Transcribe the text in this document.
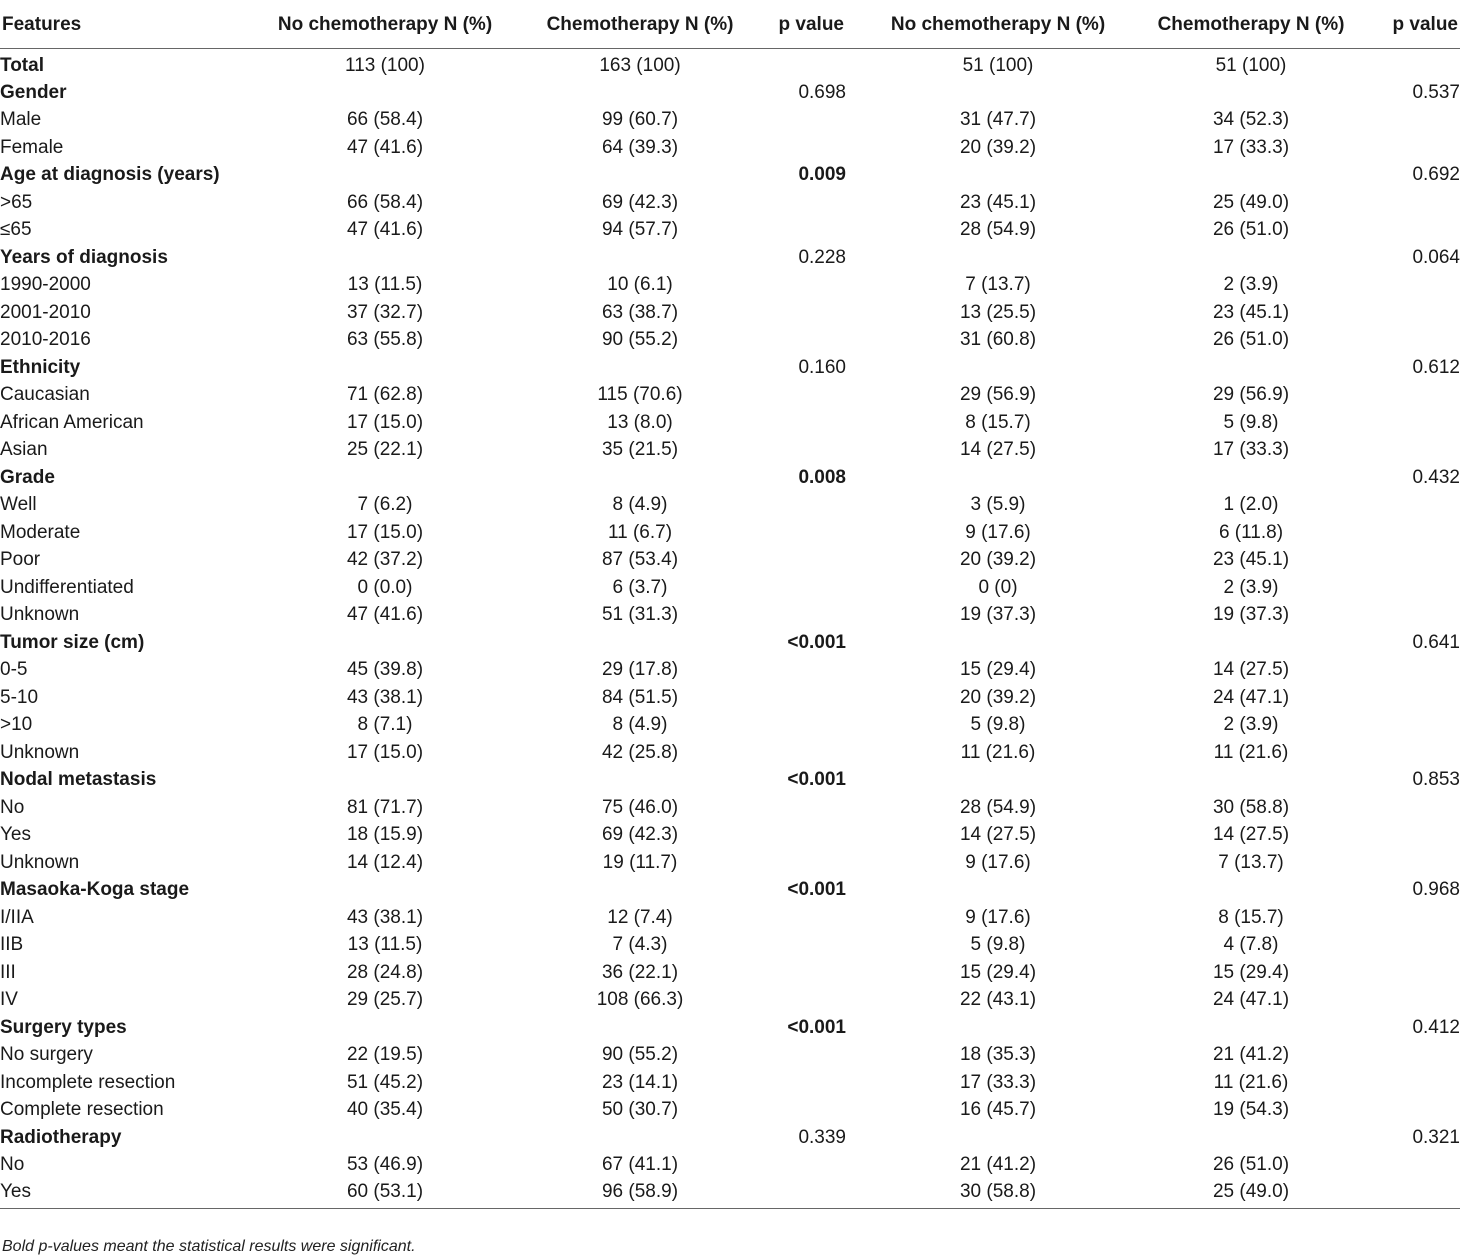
Features	No chemotherapy N (%)	Chemotherapy N (%)	p value	No chemotherapy N (%)	Chemotherapy N (%)	p value
Total	113 (100)	163 (100)		51 (100)	51 (100)	
Gender			0.698			0.537
Male	66 (58.4)	99 (60.7)		31 (47.7)	34 (52.3)	
Female	47 (41.6)	64 (39.3)		20 (39.2)	17 (33.3)	
Age at diagnosis (years)			0.009			0.692
>65	66 (58.4)	69 (42.3)		23 (45.1)	25 (49.0)	
≤65	47 (41.6)	94 (57.7)		28 (54.9)	26 (51.0)	
Years of diagnosis			0.228			0.064
1990-2000	13 (11.5)	10 (6.1)		7 (13.7)	2 (3.9)	
2001-2010	37 (32.7)	63 (38.7)		13 (25.5)	23 (45.1)	
2010-2016	63 (55.8)	90 (55.2)		31 (60.8)	26 (51.0)	
Ethnicity			0.160			0.612
Caucasian	71 (62.8)	115 (70.6)		29 (56.9)	29 (56.9)	
African American	17 (15.0)	13 (8.0)		8 (15.7)	5 (9.8)	
Asian	25 (22.1)	35 (21.5)		14 (27.5)	17 (33.3)	
Grade			0.008			0.432
Well	7 (6.2)	8 (4.9)		3 (5.9)	1 (2.0)	
Moderate	17 (15.0)	11 (6.7)		9 (17.6)	6 (11.8)	
Poor	42 (37.2)	87 (53.4)		20 (39.2)	23 (45.1)	
Undifferentiated	0 (0.0)	6 (3.7)		0 (0)	2 (3.9)	
Unknown	47 (41.6)	51 (31.3)		19 (37.3)	19 (37.3)	
Tumor size (cm)			<0.001			0.641
0-5	45 (39.8)	29 (17.8)		15 (29.4)	14 (27.5)	
5-10	43 (38.1)	84 (51.5)		20 (39.2)	24 (47.1)	
>10	8 (7.1)	8 (4.9)		5 (9.8)	2 (3.9)	
Unknown	17 (15.0)	42 (25.8)		11 (21.6)	11 (21.6)	
Nodal metastasis			<0.001			0.853
No	81 (71.7)	75 (46.0)		28 (54.9)	30 (58.8)	
Yes	18 (15.9)	69 (42.3)		14 (27.5)	14 (27.5)	
Unknown	14 (12.4)	19 (11.7)		9 (17.6)	7 (13.7)	
Masaoka-Koga stage			<0.001			0.968
I/IIA	43 (38.1)	12 (7.4)		9 (17.6)	8 (15.7)	
IIB	13 (11.5)	7 (4.3)		5 (9.8)	4 (7.8)	
III	28 (24.8)	36 (22.1)		15 (29.4)	15 (29.4)	
IV	29 (25.7)	108 (66.3)		22 (43.1)	24 (47.1)	
Surgery types			<0.001			0.412
No surgery	22 (19.5)	90 (55.2)		18 (35.3)	21 (41.2)	
Incomplete resection	51 (45.2)	23 (14.1)		17 (33.3)	11 (21.6)	
Complete resection	40 (35.4)	50 (30.7)		16 (45.7)	19 (54.3)	
Radiotherapy			0.339			0.321
No	53 (46.9)	67 (41.1)		21 (41.2)	26 (51.0)	
Yes	60 (53.1)	96 (58.9)		30 (58.8)	25 (49.0)	
Bold p-values meant the statistical results were significant.
